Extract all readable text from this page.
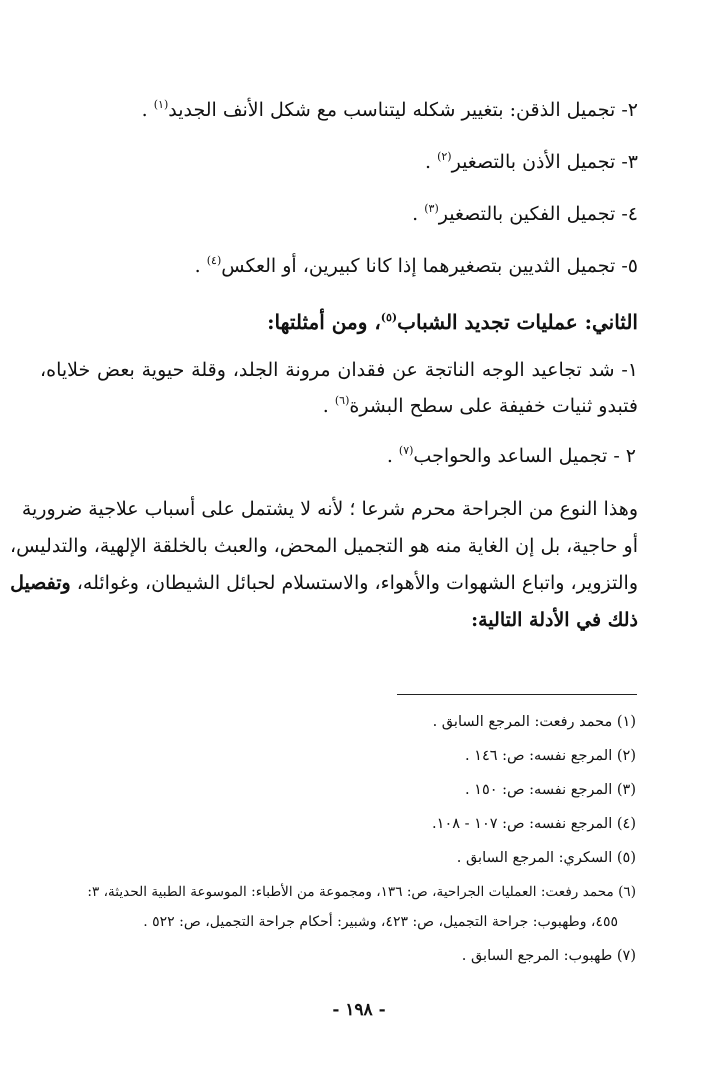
٢- تجميل الذقن: بتغيير شكله ليتناسب مع شكل الأنف الجديد$^{(١)}$ .
٣- تجميل الأذن بالتصغير$^{(٢)}$ .
٤- تجميل الفكين بالتصغير$^{(٣)}$ .
٥- تجميل الثديين بتصغيرهما إذا كانا كبيرين، أو العكس$^{(٤)}$ .
الثاني: عمليات تجديد الشباب$^{(٥)}$، ومن أمثلتها:
١- شد تجاعيد الوجه الناتجة عن فقدان مرونة الجلد، وقلة حيوية بعض خلاياه،
فتبدو ثنيات خفيفة على سطح البشرة$^{(٦)}$ .
٢ - تجميل الساعد والحواجب$^{(٧)}$ .
وهذا النوع من الجراحة محرم شرعا ؛ لأنه لا يشتمل على أسباب علاجية ضرورية
أو حاجية، بل إن الغاية منه هو التجميل المحض، والعبث بالخلقة الإلهية، والتدليس،
والتزوير، واتباع الشهوات والأهواء، والاستسلام لحبائل الشيطان، وغوائله، وتفصيل
ذلك في الأدلة التالية:
(١) محمد رفعت: المرجع السابق .
(٢) المرجع نفسه: ص: ١٤٦ .
(٣) المرجع نفسه: ص: ١٥٠ .
(٤) المرجع نفسه: ص: ١٠٧ - ١٠٨.
(٥) السكري: المرجع السابق .
(٦) محمد رفعت: العمليات الجراحية، ص: ١٣٦، ومجموعة من الأطباء: الموسوعة الطبية الحديثة، ٣:
٤٥٥، وطهبوب: جراحة التجميل، ص: ٤٢٣، وشبير: أحكام جراحة التجميل، ص: ٥٢٢ .
(٧) طهبوب: المرجع السابق .
- ١٩٨ -
